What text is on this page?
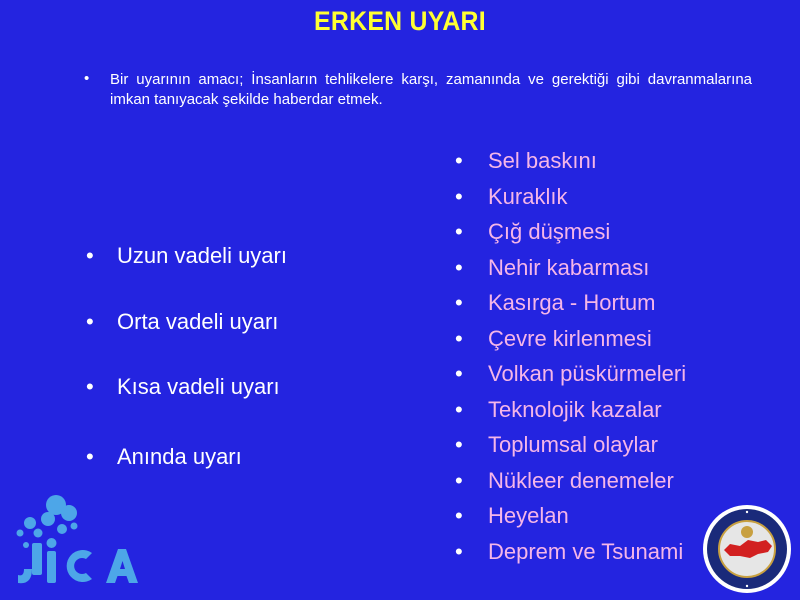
ERKEN UYARI
• Bir uyarının amacı; İnsanların tehlikelere karşı, zamanında ve gerektiği gibi davranmalarına imkan tanıyacak şekilde haberdar etmek.
• Uzun vadeli uyarı
• Orta vadeli uyarı
• Kısa vadeli uyarı
• Anında uyarı
• Sel baskını
• Kuraklık
• Çığ düşmesi
• Nehir kabarması
• Kasırga - Hortum
• Çevre kirlenmesi
• Volkan püskürmeleri
• Teknolojik kazalar
• Toplumsal olaylar
• Nükleer denemeler
• Heyelan
• Deprem ve Tsunami
